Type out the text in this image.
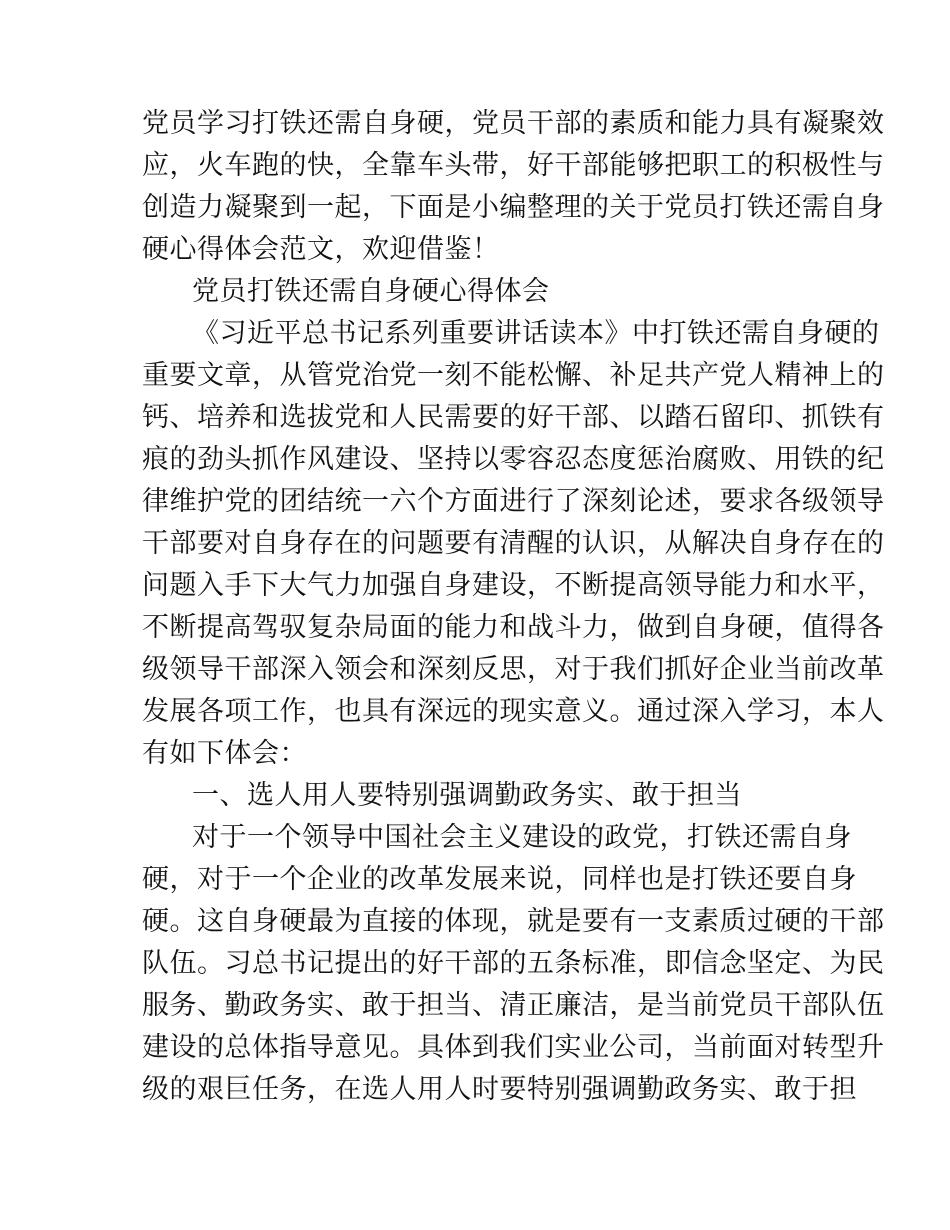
党员学习打铁还需自身硬，党员干部的素质和能力具有凝聚效
应，火车跑的快，全靠车头带，好干部能够把职工的积极性与
创造力凝聚到一起，下面是小编整理的关于党员打铁还需自身
硬心得体会范文，欢迎借鉴！
党员打铁还需自身硬心得体会
《习近平总书记系列重要讲话读本》中打铁还需自身硬的
重要文章，从管党治党一刻不能松懈、补足共产党人精神上的
钙、培养和选拔党和人民需要的好干部、以踏石留印、抓铁有
痕的劲头抓作风建设、坚持以零容忍态度惩治腐败、用铁的纪
律维护党的团结统一六个方面进行了深刻论述，要求各级领导
干部要对自身存在的问题要有清醒的认识，从解决自身存在的
问题入手下大气力加强自身建设，不断提高领导能力和水平，
不断提高驾驭复杂局面的能力和战斗力，做到自身硬，值得各
级领导干部深入领会和深刻反思，对于我们抓好企业当前改革
发展各项工作，也具有深远的现实意义。通过深入学习，本人
有如下体会：
一、选人用人要特别强调勤政务实、敢于担当
对于一个领导中国社会主义建设的政党，打铁还需自身
硬，对于一个企业的改革发展来说，同样也是打铁还要自身
硬。这自身硬最为直接的体现，就是要有一支素质过硬的干部
队伍。习总书记提出的好干部的五条标准，即信念坚定、为民
服务、勤政务实、敢于担当、清正廉洁，是当前党员干部队伍
建设的总体指导意见。具体到我们实业公司，当前面对转型升
级的艰巨任务，在选人用人时要特别强调勤政务实、敢于担
